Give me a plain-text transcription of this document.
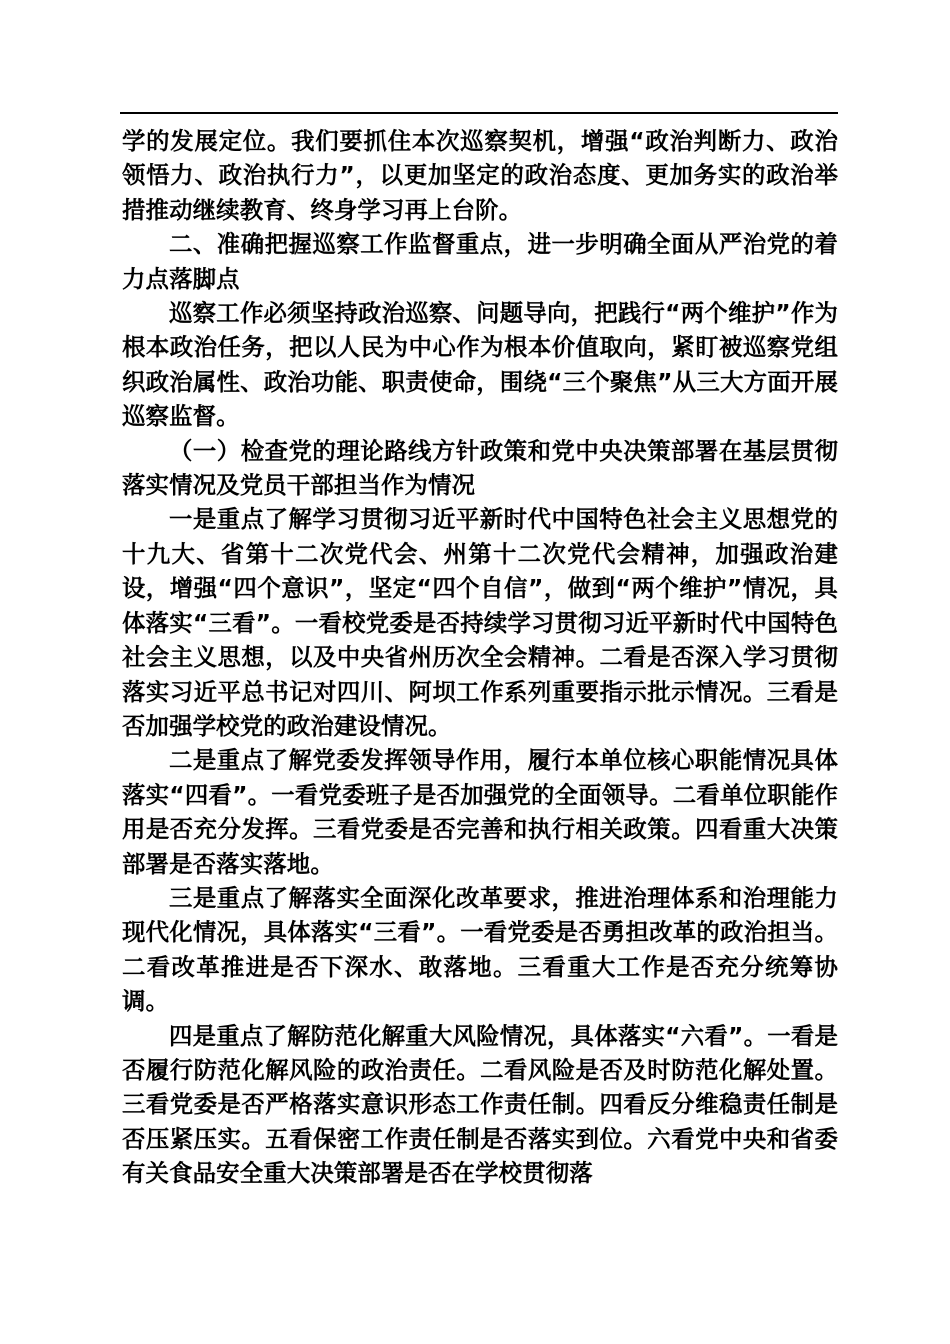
学的发展定位。我们要抓住本次巡察契机，增强“政治判断力、政治领悟力、政治执行力”，以更加坚定的政治态度、更加务实的政治举措推动继续教育、终身学习再上台阶。

二、准确把握巡察工作监督重点，进一步明确全面从严治党的着力点落脚点

巡察工作必须坚持政治巡察、问题导向，把践行“两个维护”作为根本政治任务，把以人民为中心作为根本价值取向，紧盯被巡察党组织政治属性、政治功能、职责使命，围绕“三个聚焦”从三大方面开展巡察监督。

（一）检查党的理论路线方针政策和党中央决策部署在基层贯彻落实情况及党员干部担当作为情况

一是重点了解学习贯彻习近平新时代中国特色社会主义思想党的十九大、省第十二次党代会、州第十二次党代会精神，加强政治建设，增强“四个意识”，坚定“四个自信”，做到“两个维护”情况，具体落实“三看”。一看校党委是否持续学习贯彻习近平新时代中国特色社会主义思想，以及中央省州历次全会精神。二看是否深入学习贯彻落实习近平总书记对四川、阿坝工作系列重要指示批示情况。三看是否加强学校党的政治建设情况。

二是重点了解党委发挥领导作用，履行本单位核心职能情况具体落实“四看”。一看党委班子是否加强党的全面领导。二看单位职能作用是否充分发挥。三看党委是否完善和执行相关政策。四看重大决策部署是否落实落地。

三是重点了解落实全面深化改革要求，推进治理体系和治理能力现代化情况，具体落实“三看”。一看党委是否勇担改革的政治担当。二看改革推进是否下深水、敢落地。三看重大工作是否充分统筹协调。

四是重点了解防范化解重大风险情况，具体落实“六看”。一看是否履行防范化解风险的政治责任。二看风险是否及时防范化解处置。三看党委是否严格落实意识形态工作责任制。四看反分维稳责任制是否压紧压实。五看保密工作责任制是否落实到位。六看党中央和省委有关食品安全重大决策部署是否在学校贯彻落
